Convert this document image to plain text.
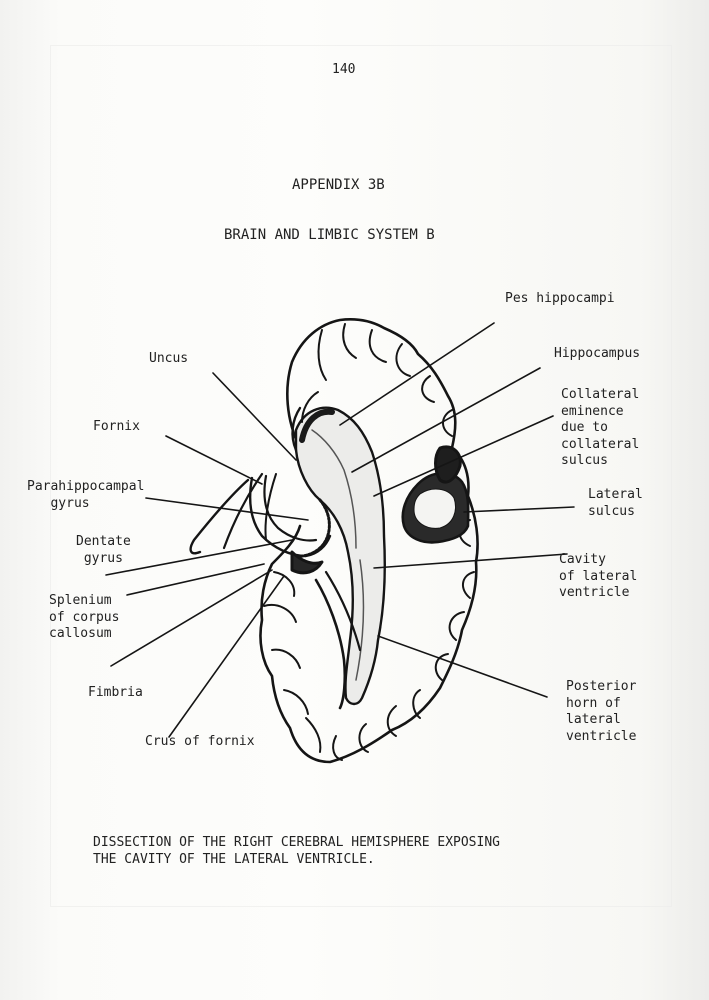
140
APPENDIX 3B
BRAIN AND LIMBIC SYSTEM B
Pes hippocampi
Uncus	Hippocampus
Collateral
eminence
due to
collateral
sulcus
Fornix
Parahippocampal
gyrus
Lateral
sulcus
Dentate
gyrus	Cavity
of lateral
ventricle
Splenium
of corpus
callosum
Fimbria	Posterior
horn of
lateral
ventricle
Crus of fornix
DISSECTION OF THE RIGHT CEREBRAL HEMISPHERE EXPOSING
THE CAVITY OF THE LATERAL VENTRICLE.
